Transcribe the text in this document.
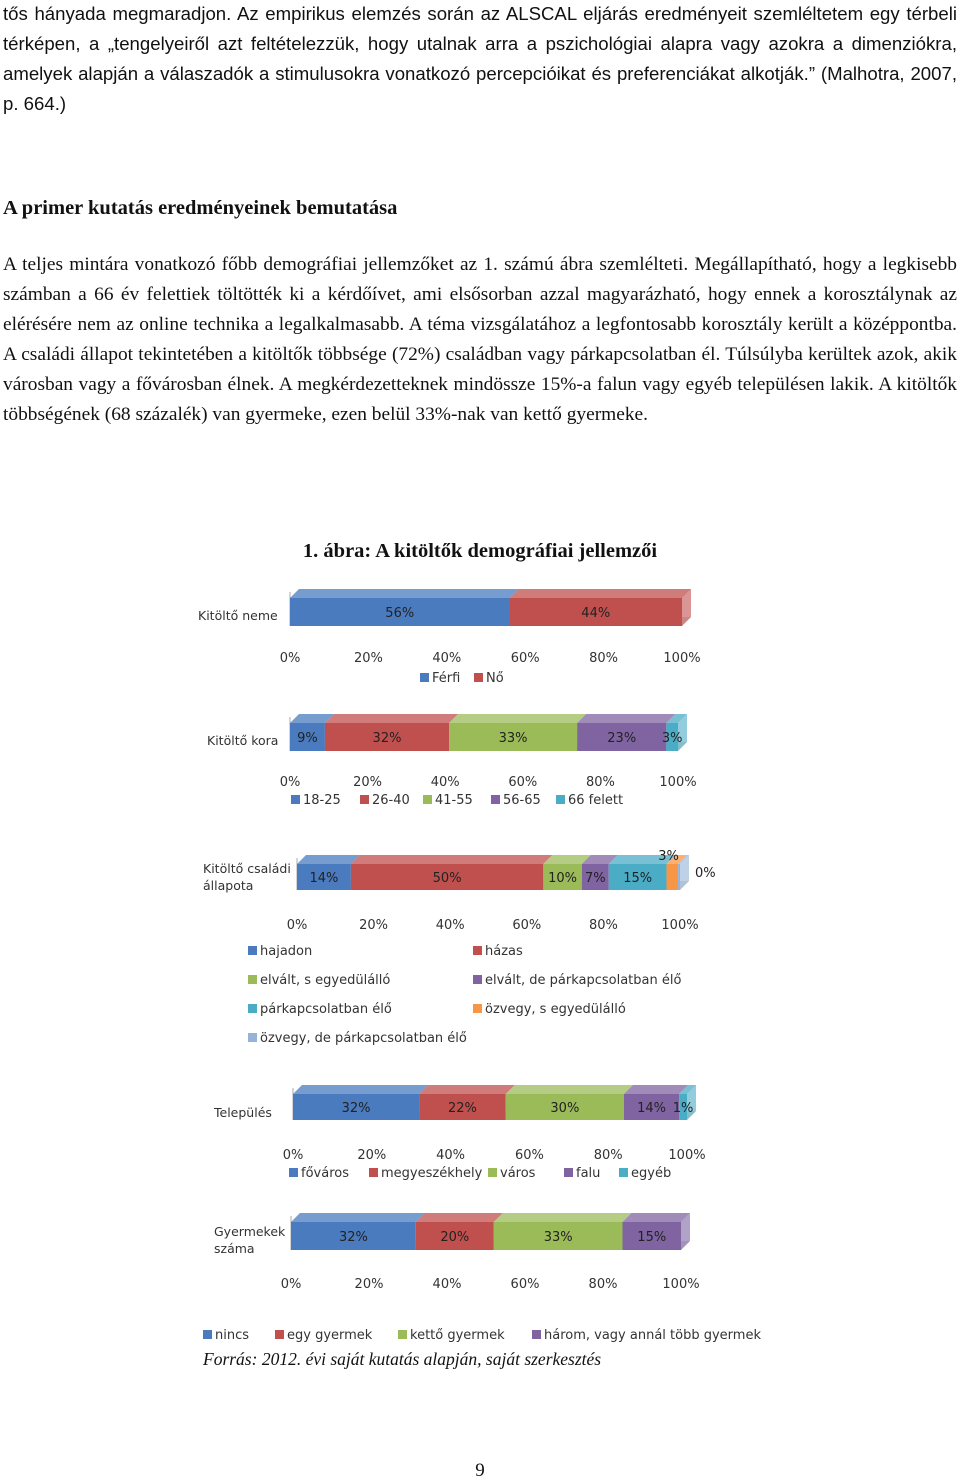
tős hányada megmaradjon. Az empirikus elemzés során az ALSCAL eljárás eredményeit szemléltetem egy térbeli térképen, a „tengelyeiről azt feltételezzük, hogy utalnak arra a pszichológiai alapra vagy azokra a dimenziókra, amelyek alapján a válaszadók a stimulusokra vonatkozó percepcióikat és preferenciákat alkotják.” (Malhotra, 2007, p. 664.)

A primer kutatás eredményeinek bemutatása

A teljes mintára vonatkozó főbb demográfiai jellemzőket az 1. számú ábra szemlélteti. Megállapítható, hogy a legkisebb számban a 66 év felettiek töltötték ki a kérdőívet, ami elsősorban azzal magyarázható, hogy ennek a korosztálynak az elérésére nem az online technika a legalkalmasabb. A téma vizsgálatához a legfontosabb korosztály került a középpontba. A családi állapot tekintetében a kitöltők többsége (72%) családban vagy párkapcsolatban él. Túlsúlyba kerültek azok, akik városban vagy a fővárosban élnek. A megkérdezetteknek mindössze 15%-a falun vagy egyéb településen lakik. A kitöltők többségének (68 százalék) van gyermeke, ezen belül 33%-nak van kettő gyermeke.

1. ábra: A kitöltők demográfiai jellemzői
Kitöltő neme	56%	44%
0%	20%	40%	60%	80%	100%
Férfi Nő
Kitöltő kora 9%	32%	33%	23% 3%
0%	20%	40%	60%	80%	100%
18-25 26-40 41-55 56-65 66 felett
Kitöltő családi állapota	14%	50%	10% 7% 15%
3%
0%
0%	20%	40%	60%	80%	100%
hajadon	házas
elvált, s egyedülálló	elvált, de párkapcsolatban élő
párkapcsolatban élő	özvegy, s egyedülálló
özvegy, de párkapcsolatban élő
Település	32%	22%	30%	14% 1%
0%	20%	40%	60%	80%	100%
főváros megyeszékhely város	falu egyéb
Gyermekek száma
32%	20%	33%	15%
0%	20%	40%	60%	80%	100%
nincs	egy gyermek	kettő gyermek	három, vagy annál több gyermek

Forrás: 2012. évi saját kutatás alapján, saját szerkesztés

9
